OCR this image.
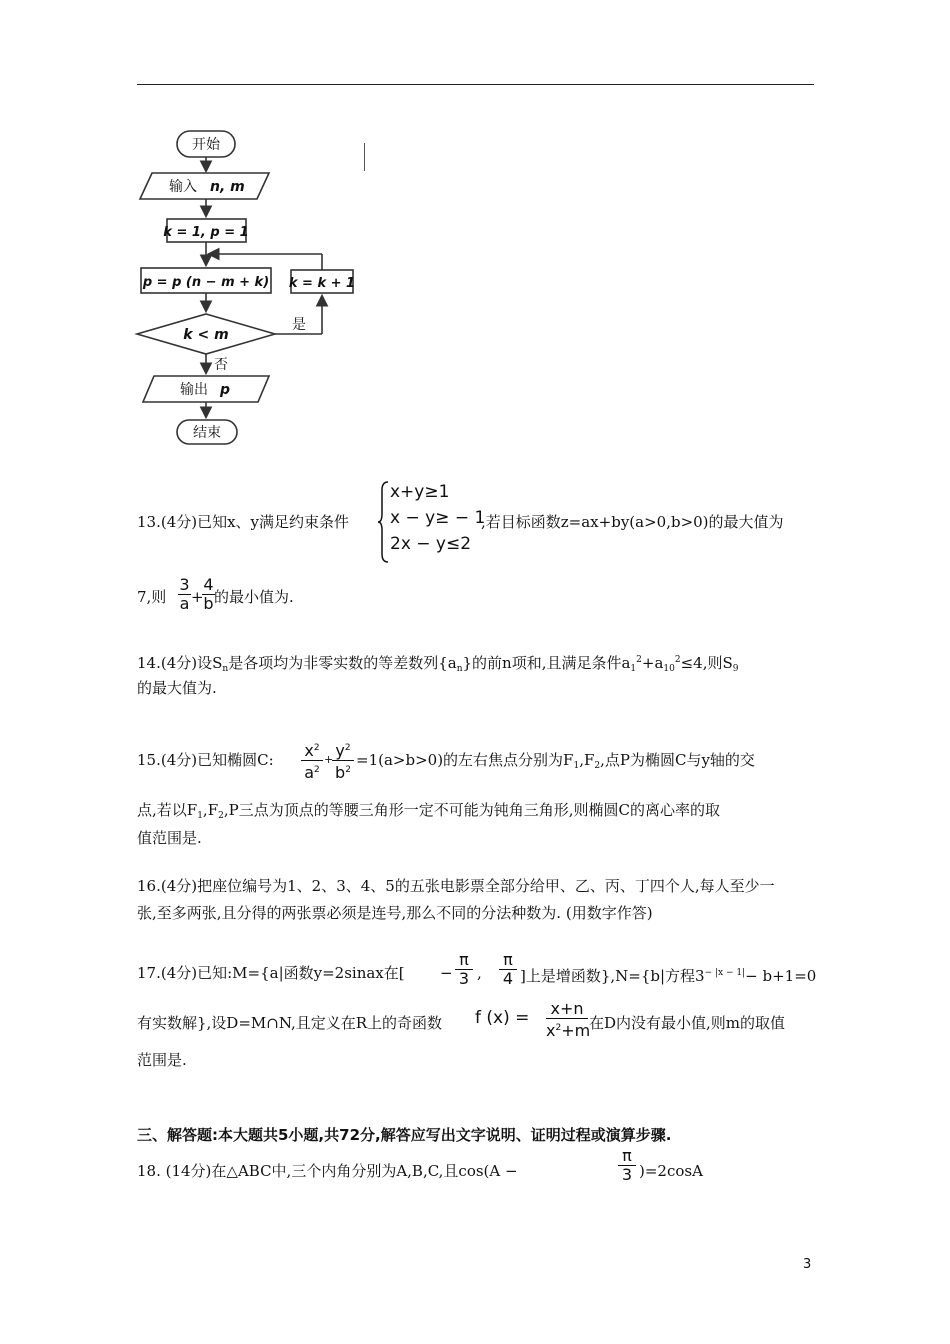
开始
输入 n, m
k = 1, p = 1
p = p (n − m + k) k = k + 1
k < m
是
否
输出 p
结束
13.(4分)已知x、y满足约束条件
x+y≥1
x − y≥ − 1
2x − y≤2
,若目标函数z=ax+by(a>0,b>0)的最大值为
7,则 $\frac{3}{a}$ +
$\frac{4}{b}$ 的最小值为.
14.(4分)设$S_n$是各项均为非零实数的等差数列$\{a_n\}$的前n项和,且满足条件$a_1^2+a_{10}^2\le 4$,则$S_9$
的最大值为.
15.(4分)已知椭圆C: $\frac{x^2}{a^2}$ +
$\frac{y^2}{b^2} =1(a>b>0)$的左右焦点分别为$F_1,F_2$,点P为椭圆C与y轴的交
点,若以$F_1,F_2,P$三点为顶点的等腰三角形一定不可能为钝角三角形,则椭圆C的离心率的取
值范围是.
16.(4分)把座位编号为1、2、3、4、5的五张电影票全部分给甲、乙、丙、丁四个人,每人至少一
张,至多两张,且分得的两张票必须是连号,那么不同的分法种数为. (用数字作答)
17.(4分)已知:M={a|函数y=2sinax在[ − $\frac{\pi}{3}$ , $\frac{\pi}{4}$ ]上是增函数},N={b|方程$3^{- |x - 1|}- b+1=0$
有实数解},设D=M∩N,且定义在R上的奇函数 f $(x) = \frac{x+n}{x^2+m}$ 在D内没有最小值,则m的取值
范围是.
三、解答题:本大题共5小题,共72分,解答应写出文字说明、证明过程或演算步骤.
18. (14分)在△ABC中,三个内角分别为A,B,C,且cos(A −	$\frac{\pi}{3} )=2\cos A$
3
